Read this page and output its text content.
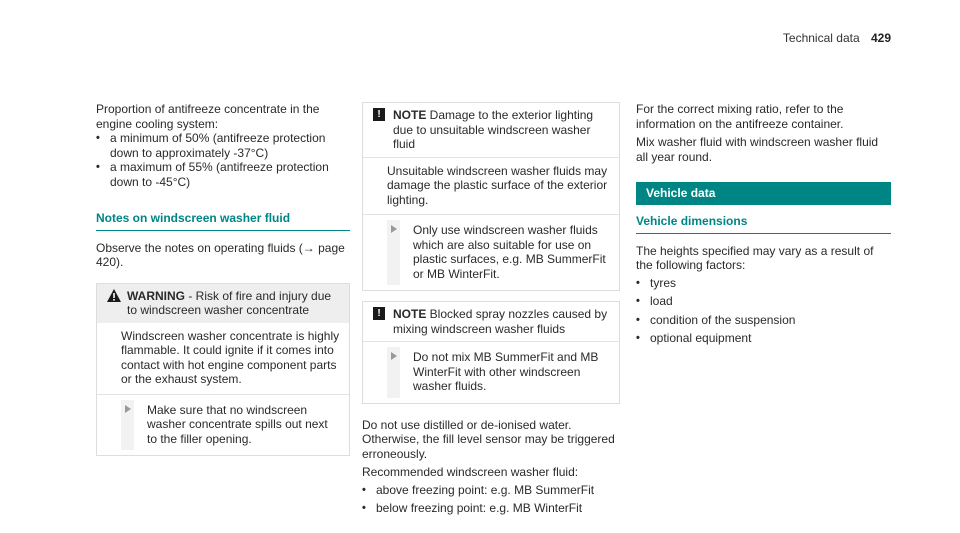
Technical data 429

Proportion of antifreeze concentrate in the engine cooling system:

• a minimum of 50% (antifreeze protection down to approximately -37°C)
• a maximum of 55% (antifreeze protection down to -45°C)
Notes on windscreen washer fluid

Observe the notes on operating fluids (→ page 420).

WARNING - Risk of fire and injury due to windscreen washer concentrate
Windscreen washer concentrate is highly flammable. It could ignite if it comes into contact with hot engine component parts or the exhaust system.
Make sure that no windscreen washer concentrate spills out next to the filler opening.
!	NOTE Damage to the exterior lighting due to unsuitable windscreen washer fluid
Unsuitable windscreen washer fluids may damage the plastic surface of the exterior lighting.
Only use windscreen washer fluids which are also suitable for use on plastic surfaces, e.g. MB SummerFit or MB WinterFit.
!	NOTE Blocked spray nozzles caused by mixing windscreen washer fluids
Do not mix MB SummerFit and MB WinterFit with other windscreen washer fluids.

Do not use distilled or de-ionised water. Otherwise, the fill level sensor may be triggered erroneously.

Recommended windscreen washer fluid:

• above freezing point: e.g. MB SummerFit
• below freezing point: e.g. MB WinterFit

For the correct mixing ratio, refer to the information on the antifreeze container.

Mix washer fluid with windscreen washer fluid all year round.

Vehicle data
Vehicle dimensions

The heights specified may vary as a result of the following factors:

• tyres
• load
• condition of the suspension
• optional equipment
